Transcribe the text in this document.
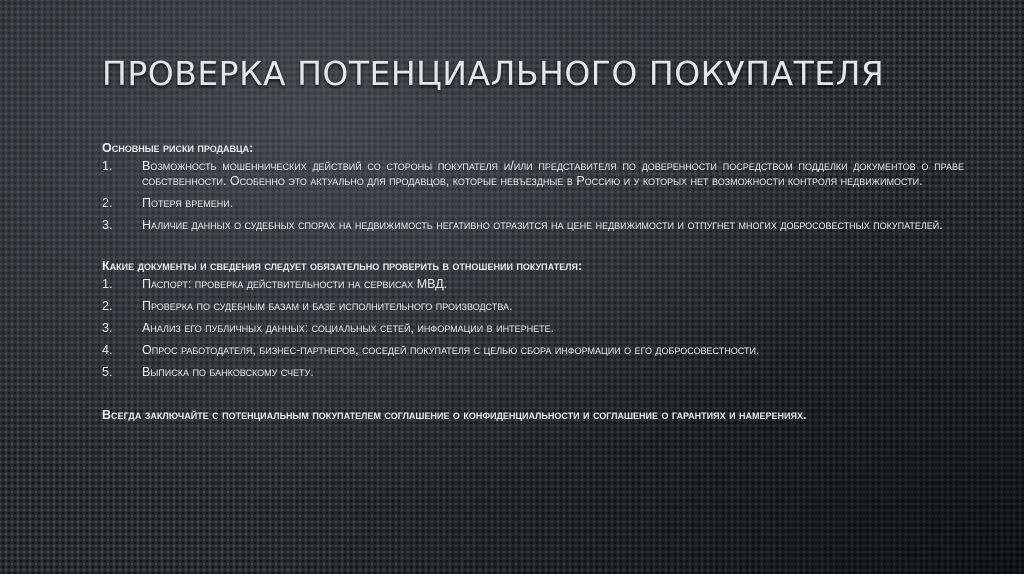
ПРОВЕРКА ПОТЕНЦИАЛЬНОГО ПОКУПАТЕЛЯ
Основные риски продавца:
1. Возможность мошеннических действий со стороны покупателя и/или представителя по доверенности посредством подделки документов о праве собственности. Особенно это актуально для продавцов, которые невъездные в Россию и у которых нет возможности контроля недвижимости.
2. Потеря времени.
3. Наличие данных о судебных спорах на недвижимость негативно отразится на цене недвижимости и отпугнет многих добросовестных покупателей.
Какие документы и сведения следует обязательно проверить в отношении покупателя:
1. Паспорт: проверка действительности на сервисах МВД.
2. Проверка по судебным базам и базе исполнительного производства.
3. Анализ его публичных данных: социальных сетей, информации в интернете.
4. Опрос работодателя, бизнес-партнеров, соседей покупателя с целью сбора информации о его добросовестности.
5. Выписка по банковскому счету.
Всегда заключайте с потенциальным покупателем соглашение о конфиденциальности и соглашение о гарантиях и намерениях.
